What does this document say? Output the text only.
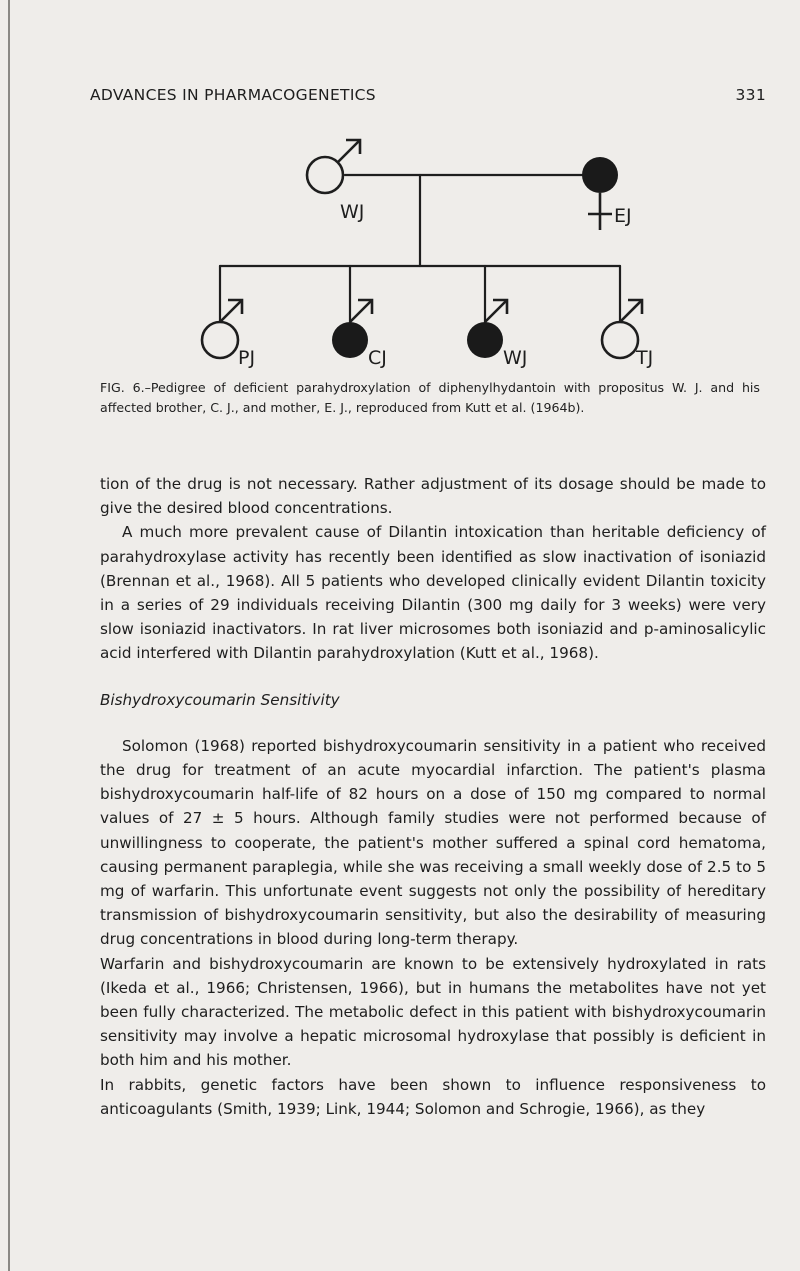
ADVANCES IN PHARMACOGENETICS	331
WJ	EJ
PJ	CJ	WJ	TJ
FIG. 6.–Pedigree of deficient parahydroxylation of diphenylhydantoin with propositus W. J. and his affected brother, C. J., and mother, E. J., reproduced from Kutt et al. (1964b).

tion of the drug is not necessary. Rather adjustment of its dosage should be made to give the desired blood concentrations.

A much more prevalent cause of Dilantin intoxication than heritable deficiency of parahydroxylase activity has recently been identified as slow inactivation of isoniazid (Brennan et al., 1968). All 5 patients who developed clinically evident Dilantin toxicity in a series of 29 individuals receiving Dilantin (300 mg daily for 3 weeks) were very slow isoniazid inactivators. In rat liver microsomes both isoniazid and p-aminosalicylic acid interfered with Dilantin parahydroxylation (Kutt et al., 1968).

Bishydroxycoumarin Sensitivity

Solomon (1968) reported bishydroxycoumarin sensitivity in a patient who received the drug for treatment of an acute myocardial infarction. The patient's plasma bishydroxycoumarin half-life of 82 hours on a dose of 150 mg compared to normal values of 27 ± 5 hours. Although family studies were not performed because of unwillingness to cooperate, the patient's mother suffered a spinal cord hematoma, causing permanent paraplegia, while she was receiving a small weekly dose of 2.5 to 5 mg of warfarin. This unfortunate event suggests not only the possibility of hereditary transmission of bishydroxycoumarin sensitivity, but also the desirability of measuring drug concentrations in blood during long-term therapy.

Warfarin and bishydroxycoumarin are known to be extensively hydroxylated in rats (Ikeda et al., 1966; Christensen, 1966), but in humans the metabolites have not yet been fully characterized. The metabolic defect in this patient with bishydroxycoumarin sensitivity may involve a hepatic microsomal hydroxylase that possibly is deficient in both him and his mother.

In rabbits, genetic factors have been shown to influence responsiveness to anticoagulants (Smith, 1939; Link, 1944; Solomon and Schrogie, 1966), as they
